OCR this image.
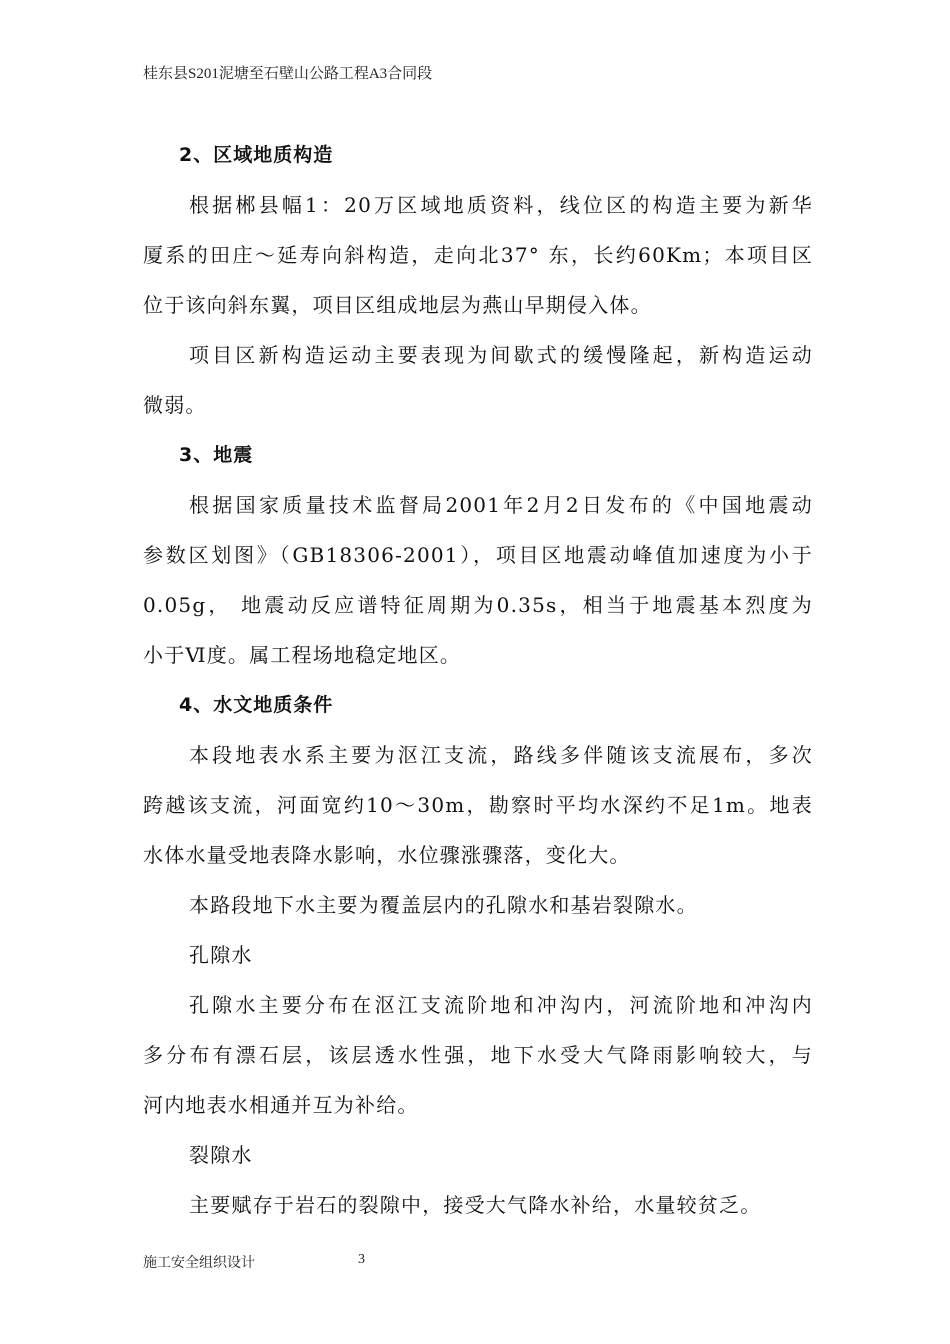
桂东县S201泥塘至石壁山公路工程A3合同段
2、区域地质构造
根据郴县幅1：20万区域地质资料，线位区的构造主要为新华
厦系的田庄～延寿向斜构造，走向北37° 东，长约60Km；本项目区
位于该向斜东翼，项目区组成地层为燕山早期侵入体。
项目区新构造运动主要表现为间歇式的缓慢隆起，新构造运动
微弱。
3、地震
根据国家质量技术监督局2001年2月2日发布的《中国地震动
参数区划图》（GB18306-2001），项目区地震动峰值加速度为小于
0.05g， 地震动反应谱特征周期为0.35s，相当于地震基本烈度为
小于Ⅵ度。属工程场地稳定地区。
4、水文地质条件
本段地表水系主要为沤江支流，路线多伴随该支流展布，多次
跨越该支流，河面宽约10～30m，勘察时平均水深约不足1m。地表
水体水量受地表降水影响，水位骤涨骤落，变化大。
本路段地下水主要为覆盖层内的孔隙水和基岩裂隙水。
孔隙水
孔隙水主要分布在沤江支流阶地和冲沟内，河流阶地和冲沟内
多分布有漂石层，该层透水性强，地下水受大气降雨影响较大，与
河内地表水相通并互为补给。
裂隙水
主要赋存于岩石的裂隙中，接受大气降水补给，水量较贫乏。
施工安全组织设计	3
